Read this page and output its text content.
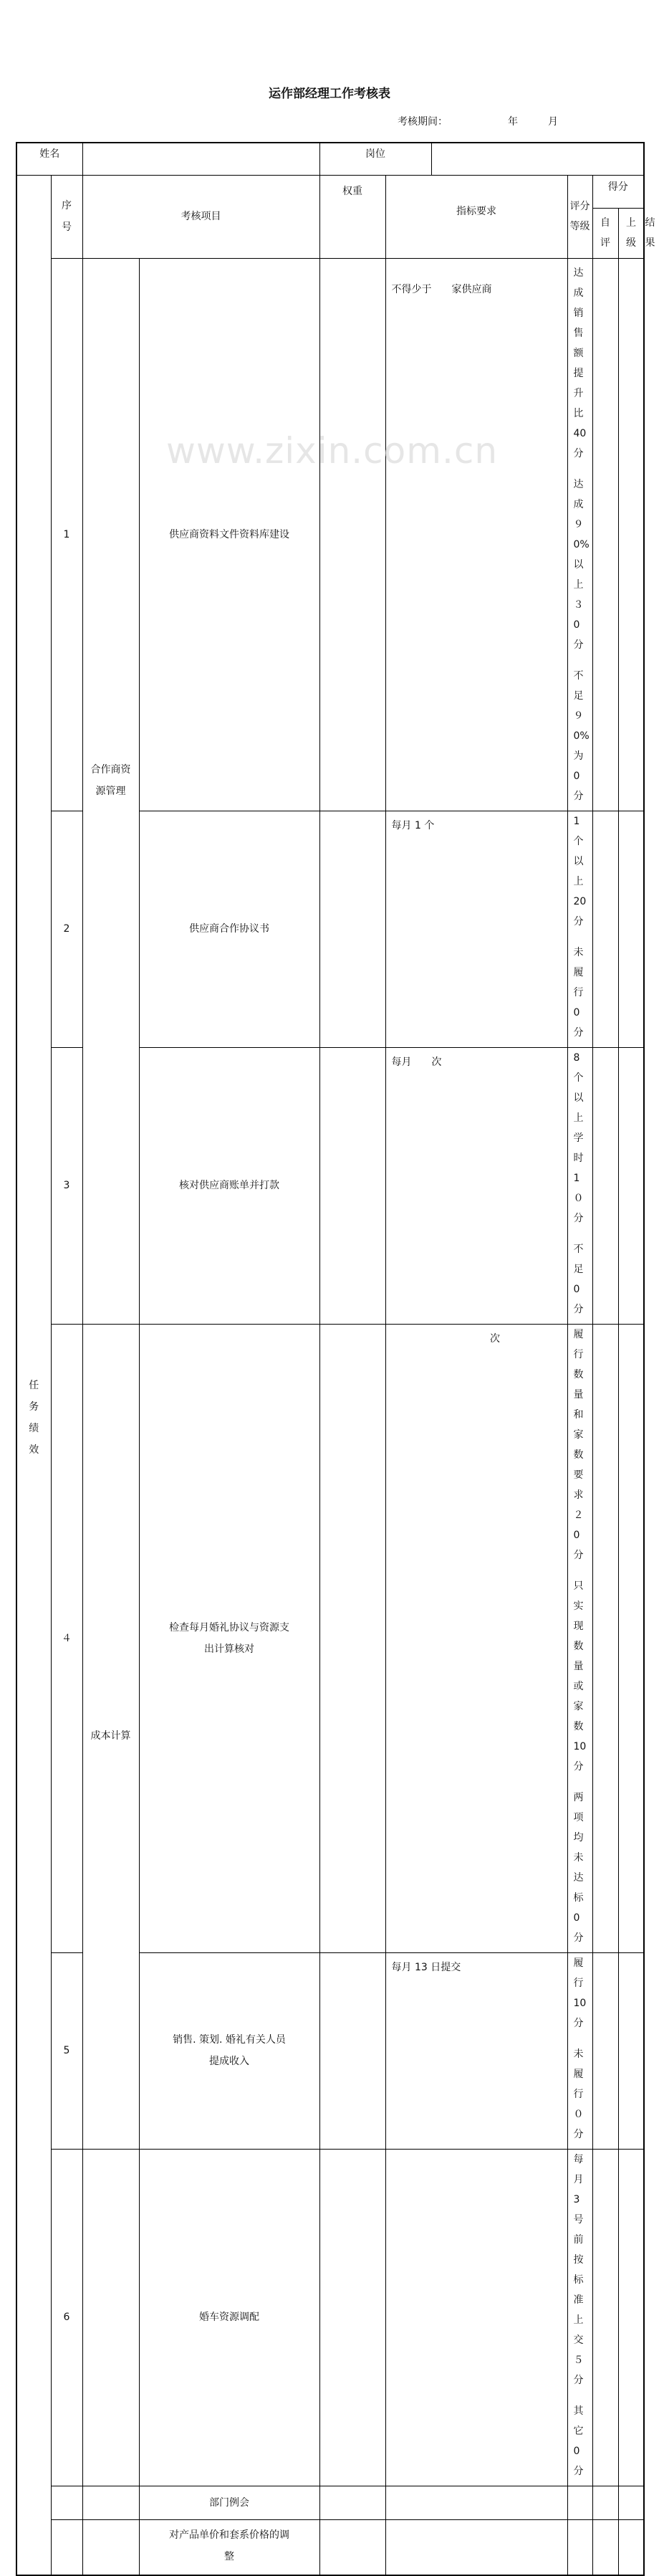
运作部经理工作考核表
考核期间：	年	月
姓名				岗位						
任务绩效	序号	考核项目		权重	指标要求		评分等级	得分		
								自评	上级	结果
	1	合作商资源管理	供应商资料文件资料库建设		不得少于　　家供应商		达成销售额提升比 40 分
达成９0%以上３0 分
不足９0%为 0 分			

	2		供应商合作协议书		每月 1 个		1 个以上 20 分
未履行 0 分			

	3		核对供应商账单并打款		每月　　次		8 个以上学时 1０分
不足0分			

	４	成本计算	检查每月婚礼协议与资源支出计算核对		次		履行数量和家数要求２0 分
只实现数量或家数 10 分
两项均未达标 0 分			

	5		销售. 策划. 婚礼有关人员提成收入		每月 13 日提交		履行 10 分
未履行０分			

	6		婚车资源调配				每月 3 号前按标准上交５分
其它 0 分			

			部门例会							
			对产品单价和套系价格的调整							
www.zixin.com.cn
